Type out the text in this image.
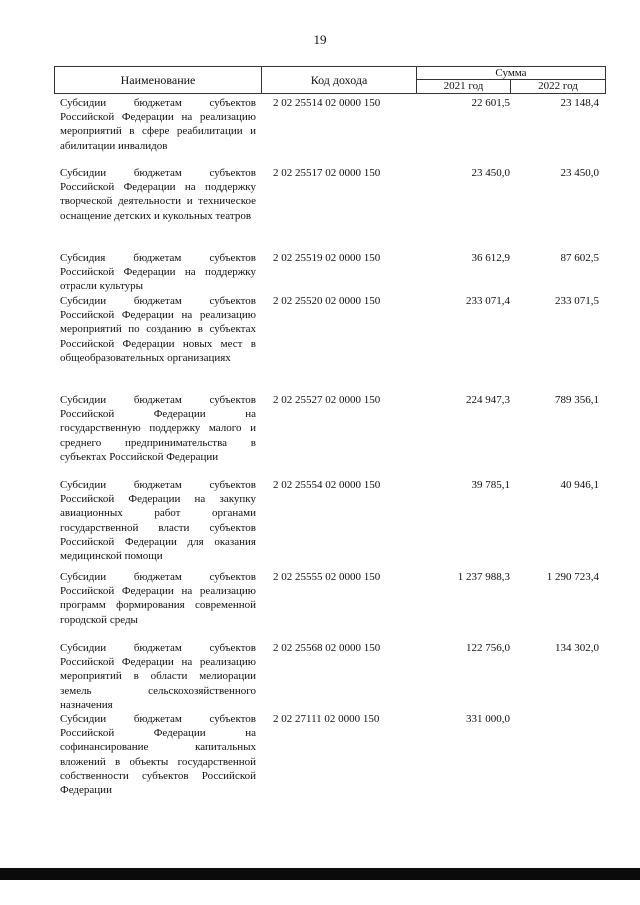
19
Наименование	Код дохода	Сумма
2021 год	2022 год
Субсидии бюджетам субъектов Российской Федерации на реализацию мероприятий в сфере реабилитации и абилитации инвалидов
2 02 25514 02 0000 150	22 601,5	23 148,4
Субсидии бюджетам субъектов Российской Федерации на поддержку творческой деятельности и техническое оснащение детских и кукольных театров
2 02 25517 02 0000 150	23 450,0	23 450,0
Субсидия бюджетам субъектов Российской Федерации на поддержку отрасли культуры
2 02 25519 02 0000 150	36 612,9	87 602,5
Субсидии бюджетам субъектов Российской Федерации на реализацию мероприятий по созданию в субъектах Российской Федерации новых мест в общеобразовательных организациях
2 02 25520 02 0000 150	233 071,4	233 071,5
Субсидии бюджетам субъектов Российской Федерации на государственную поддержку малого и среднего предпринимательства в субъектах Российской Федерации
2 02 25527 02 0000 150	224 947,3	789 356,1
Субсидии бюджетам субъектов Российской Федерации на закупку авиационных работ органами государственной власти субъектов Российской Федерации для оказания медицинской помощи
2 02 25554 02 0000 150	39 785,1	40 946,1
Субсидии бюджетам субъектов Российской Федерации на реализацию программ формирования современной городской среды
2 02 25555 02 0000 150	1 237 988,3	1 290 723,4
Субсидии бюджетам субъектов Российской Федерации на реализацию мероприятий в области мелиорации земель сельскохозяйственного назначения
2 02 25568 02 0000 150	122 756,0	134 302,0
Субсидии бюджетам субъектов Российской Федерации на софинансирование капитальных вложений в объекты государственной собственности субъектов Российской Федерации
2 02 27111 02 0000 150	331 000,0
